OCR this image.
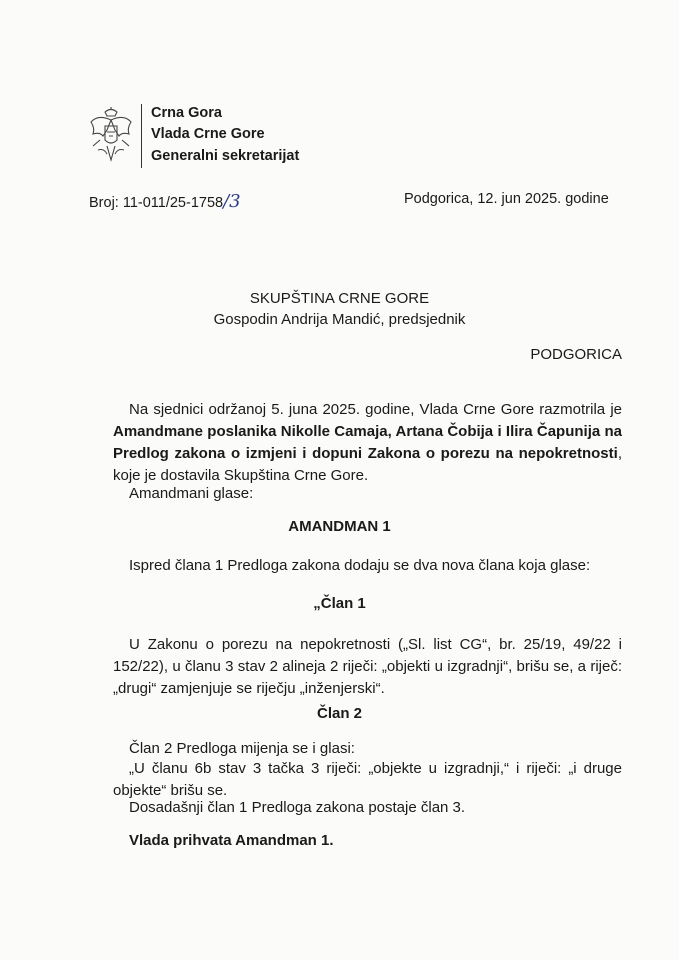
Crna Gora
Vlada Crne Gore
Generalni sekretarijat
Broj: 11-011/25-1758/3	Podgorica, 12. jun 2025. godine
SKUPŠTINA CRNE GORE
Gospodin Andrija Mandić, predsjednik
PODGORICA
Na sjednici održanoj 5. juna 2025. godine, Vlada Crne Gore razmotrila je Amandmane poslanika Nikolle Camaja, Artana Čobija i Ilira Čapunija na Predlog zakona o izmjeni i dopuni Zakona o porezu na nepokretnosti, koje je dostavila Skupština Crne Gore.
Amandmani glase:
AMANDMAN 1
Ispred člana 1 Predloga zakona dodaju se dva nova člana koja glase:
„Član 1
U Zakonu o porezu na nepokretnosti („Sl. list CG“, br. 25/19, 49/22 i 152/22), u članu 3 stav 2 alineja 2 riječi: „objekti u izgradnji“, brišu se, a riječ: „drugi“ zamjenjuje se riječju „inženjerski“.
Član 2
Član 2 Predloga mijenja se i glasi:
„U članu 6b stav 3 tačka 3 riječi: „objekte u izgradnji,“ i riječi: „i druge objekte“ brišu se.
Dosadašnji član 1 Predloga zakona postaje član 3.
Vlada prihvata Amandman 1.
